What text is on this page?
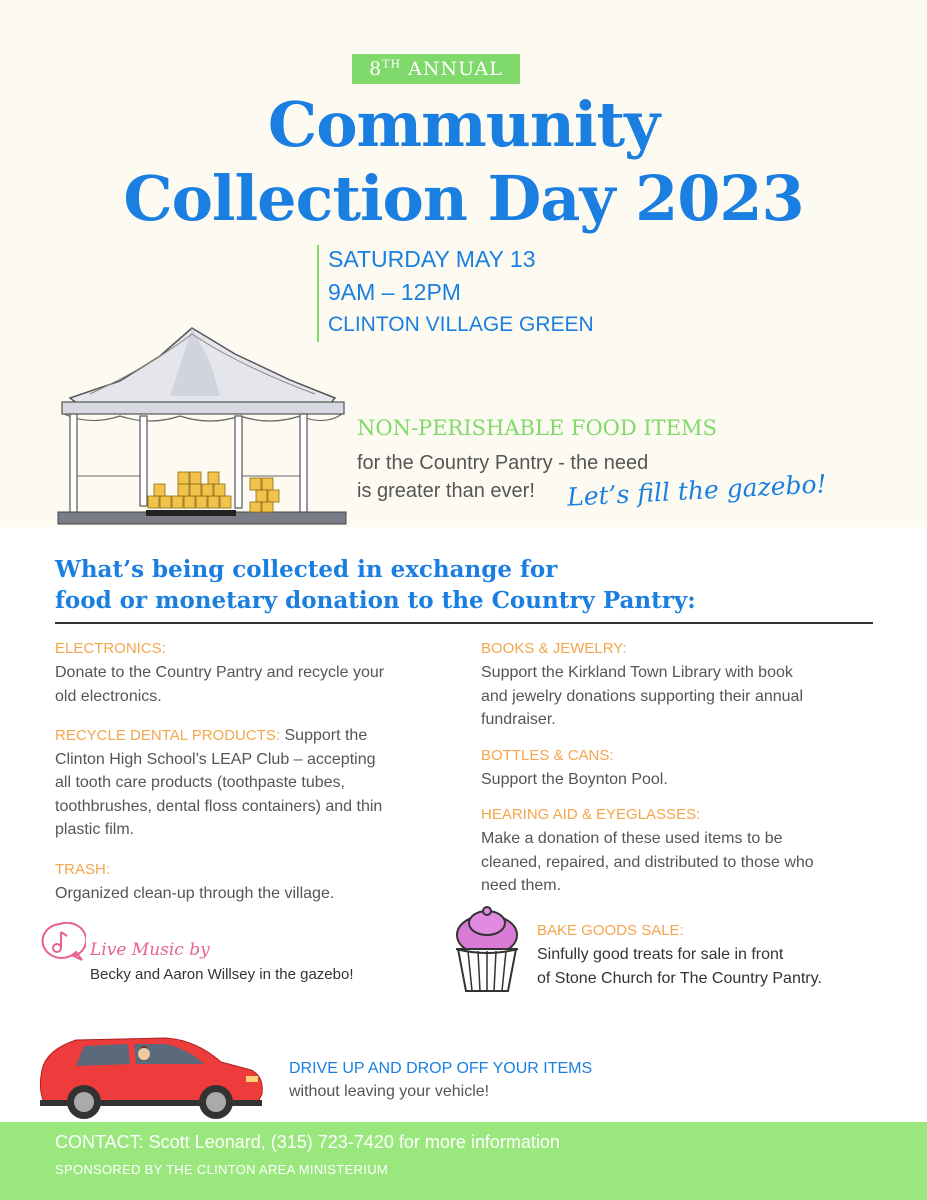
8TH ANNUAL
Community
Collection Day 2023
SATURDAY MAY 13
9AM – 12PM
CLINTON VILLAGE GREEN
NON-PERISHABLE FOOD ITEMS
for the Country Pantry - the need
is greater than ever! Let’s fill the gazebo!
What’s being collected in exchange for
food or monetary donation to the Country Pantry:
ELECTRONICS:
Donate to the Country Pantry and recycle your
old electronics.
RECYCLE DENTAL PRODUCTS: Support the
Clinton High School’s LEAP Club – accepting
all tooth care products (toothpaste tubes,
toothbrushes, dental floss containers) and thin
plastic film.
TRASH:
Organized clean-up through the village.
BOOKS & JEWELRY:
Support the Kirkland Town Library with book
and jewelry donations supporting their annual
fundraiser.
BOTTLES & CANS:
Support the Boynton Pool.
HEARING AID & EYEGLASSES:
Make a donation of these used items to be
cleaned, repaired, and distributed to those who
need them.
BAKE GOODS SALE:
Sinfully good treats for sale in front
of Stone Church for The Country Pantry.
Live Music by
Becky and Aaron Willsey in the gazebo!
DRIVE UP AND DROP OFF YOUR ITEMS
without leaving your vehicle!
CONTACT: Scott Leonard, (315) 723-7420 for more information
SPONSORED BY THE CLINTON AREA MINISTERIUM
